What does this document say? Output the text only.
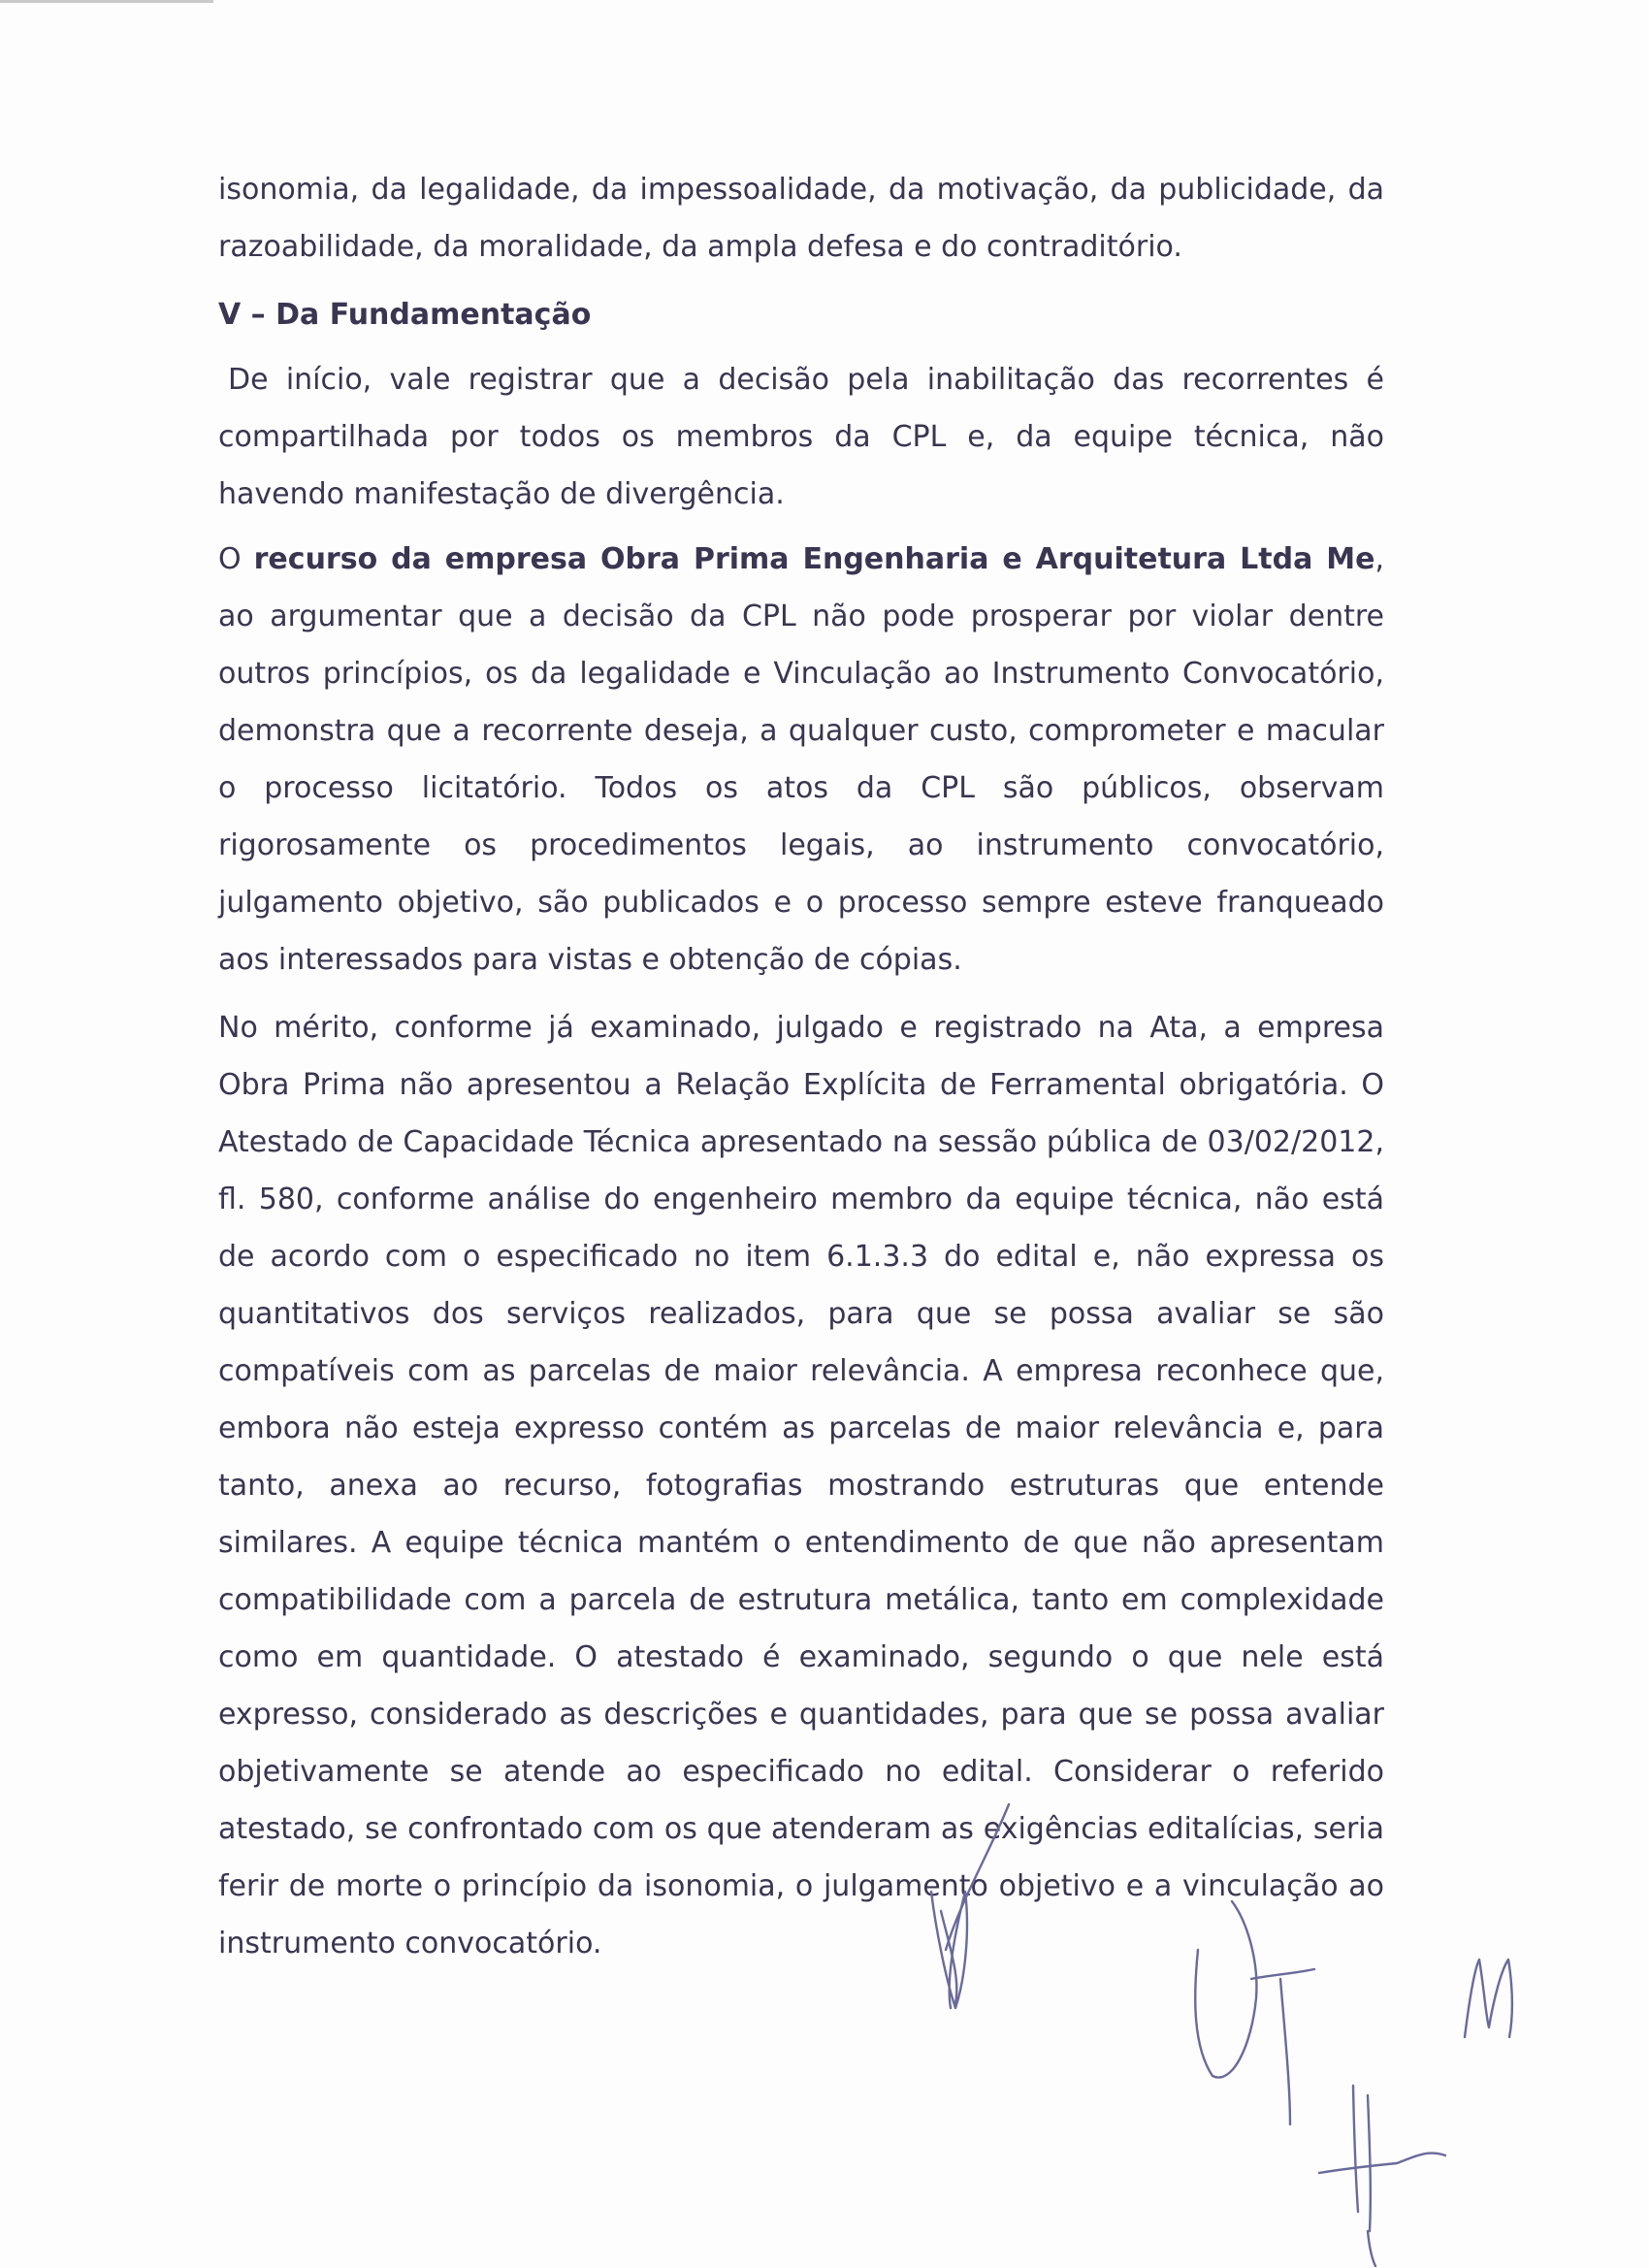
isonomia, da legalidade, da impessoalidade, da motivação, da publicidade, da razoabilidade, da moralidade, da ampla defesa e do contraditório.

V – Da Fundamentação

De início, vale registrar que a decisão pela inabilitação das recorrentes é compartilhada por todos os membros da CPL e, da equipe técnica, não havendo manifestação de divergência.

O recurso da empresa Obra Prima Engenharia e Arquitetura Ltda Me, ao argumentar que a decisão da CPL não pode prosperar por violar dentre outros princípios, os da legalidade e Vinculação ao Instrumento Convocatório, demonstra que a recorrente deseja, a qualquer custo, comprometer e macular o processo licitatório. Todos os atos da CPL são públicos, observam rigorosamente os procedimentos legais, ao instrumento convocatório, julgamento objetivo, são publicados e o processo sempre esteve franqueado aos interessados para vistas e obtenção de cópias.

No mérito, conforme já examinado, julgado e registrado na Ata, a empresa Obra Prima não apresentou a Relação Explícita de Ferramental obrigatória. O Atestado de Capacidade Técnica apresentado na sessão pública de 03/02/2012, fl. 580, conforme análise do engenheiro membro da equipe técnica, não está de acordo com o especificado no item 6.1.3.3 do edital e, não expressa os quantitativos dos serviços realizados, para que se possa avaliar se são compatíveis com as parcelas de maior relevância. A empresa reconhece que, embora não esteja expresso contém as parcelas de maior relevância e, para tanto, anexa ao recurso, fotografias mostrando estruturas que entende similares. A equipe técnica mantém o entendimento de que não apresentam compatibilidade com a parcela de estrutura metálica, tanto em complexidade como em quantidade. O atestado é examinado, segundo o que nele está expresso, considerado as descrições e quantidades, para que se possa avaliar objetivamente se atende ao especificado no edital. Considerar o referido atestado, se confrontado com os que atenderam as exigências editalícias, seria ferir de morte o princípio da isonomia, o julgamento objetivo e a vinculação ao instrumento convocatório.
